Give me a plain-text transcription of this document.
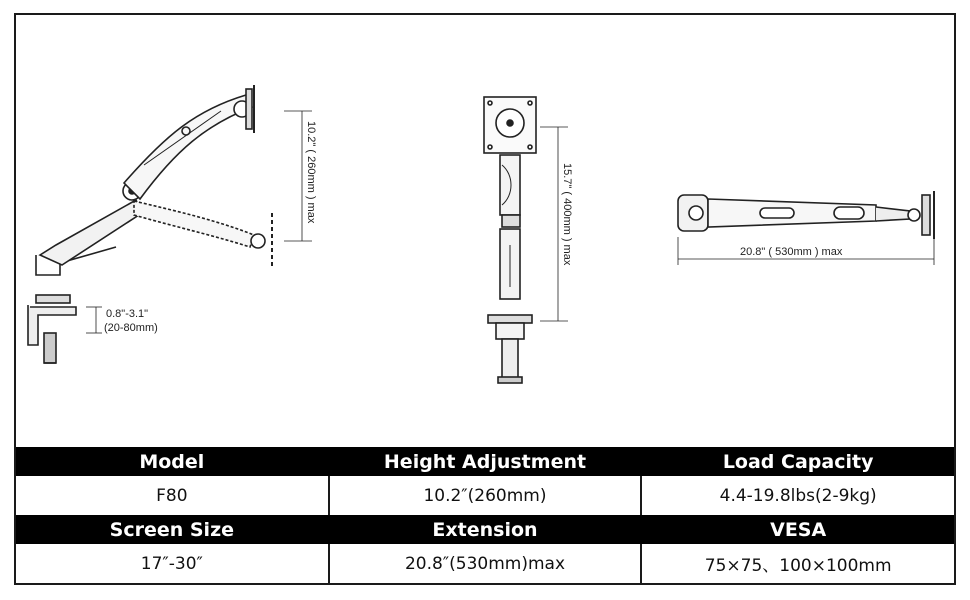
10.2" ( 260mm ) max
0.8"-3.1"
(20-80mm)
15.7" ( 400mm ) max	20.8" ( 530mm ) max
Model	Height Adjustment	Load Capacity
F80	10.2″(260mm)	4.4-19.8lbs(2-9kg)
Screen Size	Extension	VESA
17″-30″	20.8″(530mm)max	75×75、100×100mm
